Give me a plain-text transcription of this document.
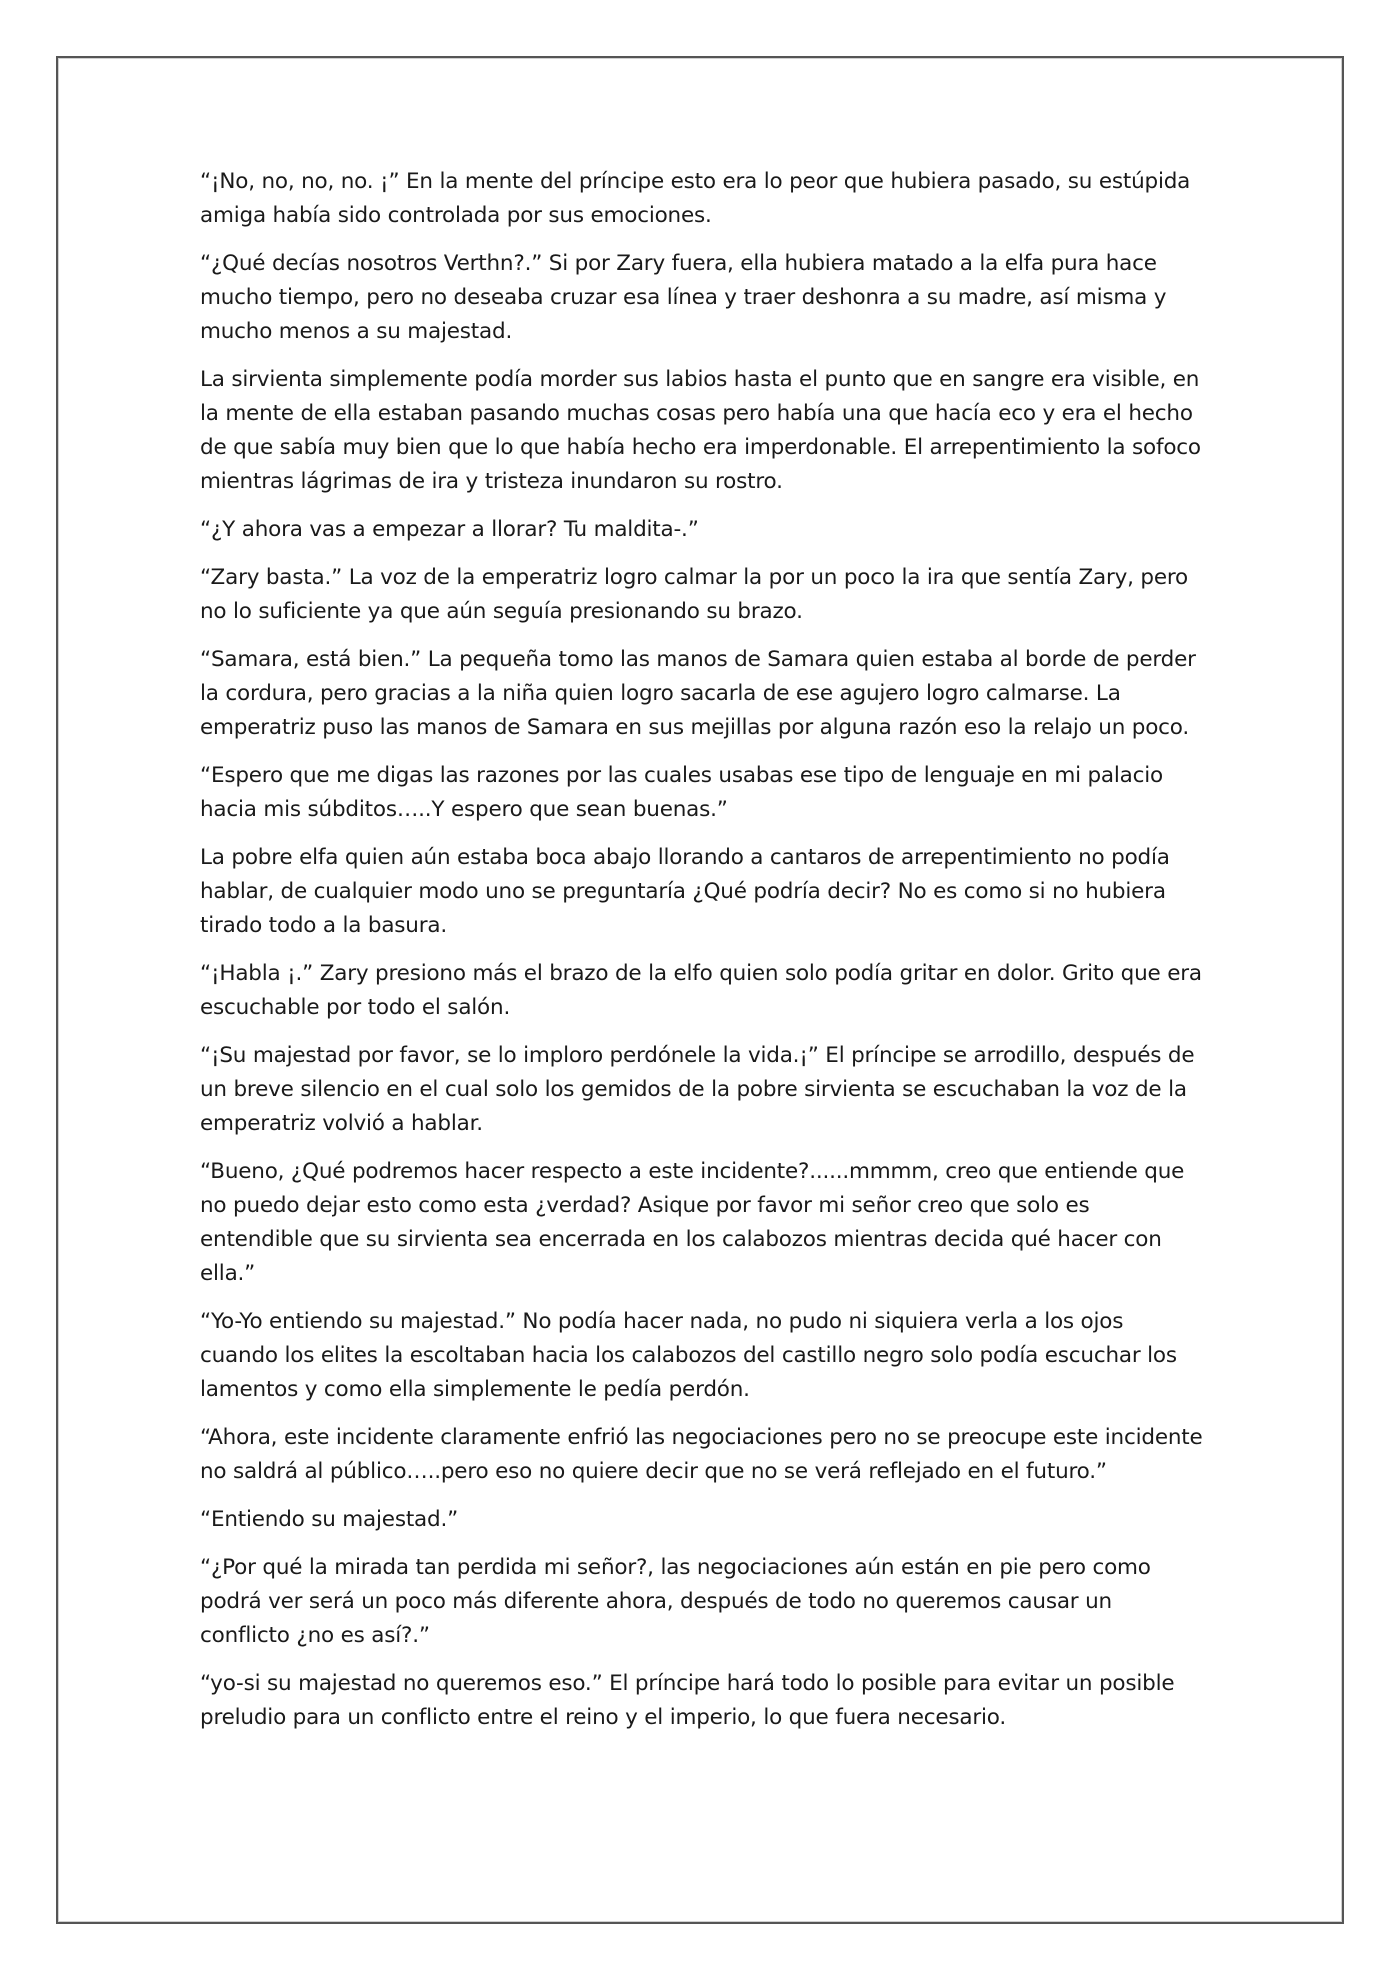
“¡No, no, no, no. ¡” En la mente del príncipe esto era lo peor que hubiera pasado, su estúpida amiga había sido controlada por sus emociones.

“¿Qué decías nosotros Verthn?.” Si por Zary fuera, ella hubiera matado a la elfa pura hace mucho tiempo, pero no deseaba cruzar esa línea y traer deshonra a su madre, así misma y mucho menos a su majestad.

La sirvienta simplemente podía morder sus labios hasta el punto que en sangre era visible, en la mente de ella estaban pasando muchas cosas pero había una que hacía eco y era el hecho de que sabía muy bien que lo que había hecho era imperdonable. El arrepentimiento la sofoco mientras lágrimas de ira y tristeza inundaron su rostro.

“¿Y ahora vas a empezar a llorar? Tu maldita-.”

“Zary basta.” La voz de la emperatriz logro calmar la por un poco la ira que sentía Zary, pero no lo suficiente ya que aún seguía presionando su brazo.

“Samara, está bien.” La pequeña tomo las manos de Samara quien estaba al borde de perder la cordura, pero gracias a la niña quien logro sacarla de ese agujero logro calmarse. La emperatriz puso las manos de Samara en sus mejillas por alguna razón eso la relajo un poco.

“Espero que me digas las razones por las cuales usabas ese tipo de lenguaje en mi palacio hacia mis súbditos…..Y espero que sean buenas.”

La pobre elfa quien aún estaba boca abajo llorando a cantaros de arrepentimiento no podía hablar, de cualquier modo uno se preguntaría ¿Qué podría decir? No es como si no hubiera tirado todo a la basura.

“¡Habla ¡.” Zary presiono más el brazo de la elfo quien solo podía gritar en dolor. Grito que era escuchable por todo el salón.

“¡Su majestad por favor, se lo imploro perdónele la vida.¡” El príncipe se arrodillo, después de un breve silencio en el cual solo los gemidos de la pobre sirvienta se escuchaban la voz de la emperatriz volvió a hablar.

“Bueno, ¿Qué podremos hacer respecto a este incidente?......mmmm, creo que entiende que no puedo dejar esto como esta ¿verdad? Asique por favor mi señor creo que solo es entendible que su sirvienta sea encerrada en los calabozos mientras decida qué hacer con ella.”

“Yo-Yo entiendo su majestad.” No podía hacer nada, no pudo ni siquiera verla a los ojos cuando los elites la escoltaban hacia los calabozos del castillo negro solo podía escuchar los lamentos y como ella simplemente le pedía perdón.

“Ahora, este incidente claramente enfrió las negociaciones pero no se preocupe este incidente no saldrá al público…..pero eso no quiere decir que no se verá reflejado en el futuro.”

“Entiendo su majestad.”

“¿Por qué la mirada tan perdida mi señor?, las negociaciones aún están en pie pero como podrá ver será un poco más diferente ahora, después de todo no queremos causar un conflicto ¿no es así?.”

“yo-si su majestad no queremos eso.” El príncipe hará todo lo posible para evitar un posible preludio para un conflicto entre el reino y el imperio, lo que fuera necesario.
